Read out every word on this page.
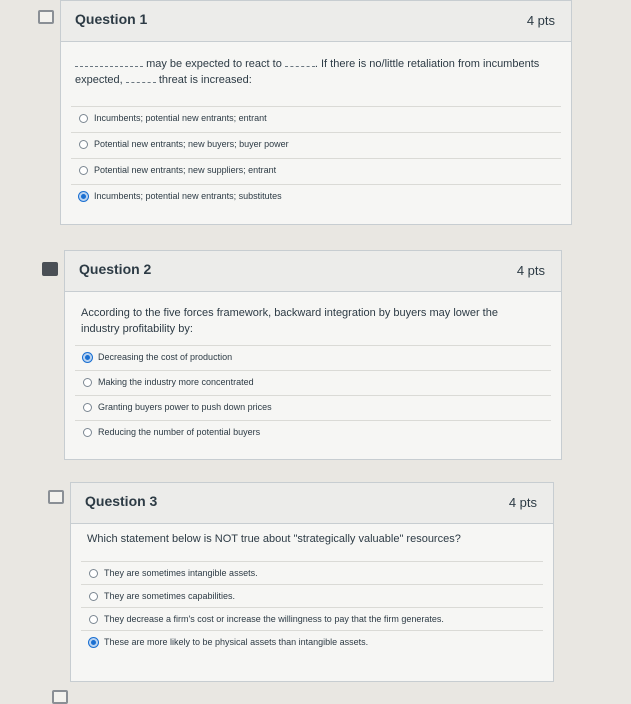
Question 1	4 pts
may be expected to react to	. If there is no/little retaliation from incumbents
expected,	threat is increased:
Incumbents; potential new entrants; entrant
Potential new entrants; new buyers; buyer power
Potential new entrants; new suppliers; entrant
Incumbents; potential new entrants; substitutes
Question 2	4 pts
According to the five forces framework, backward integration by buyers may lower the industry profitability by:
Decreasing the cost of production
Making the industry more concentrated
Granting buyers power to push down prices
Reducing the number of potential buyers
Question 3	4 pts
Which statement below is NOT true about "strategically valuable" resources?
They are sometimes intangible assets.
They are sometimes capabilities.
They decrease a firm's cost or increase the willingness to pay that the firm generates.
These are more likely to be physical assets than intangible assets.
